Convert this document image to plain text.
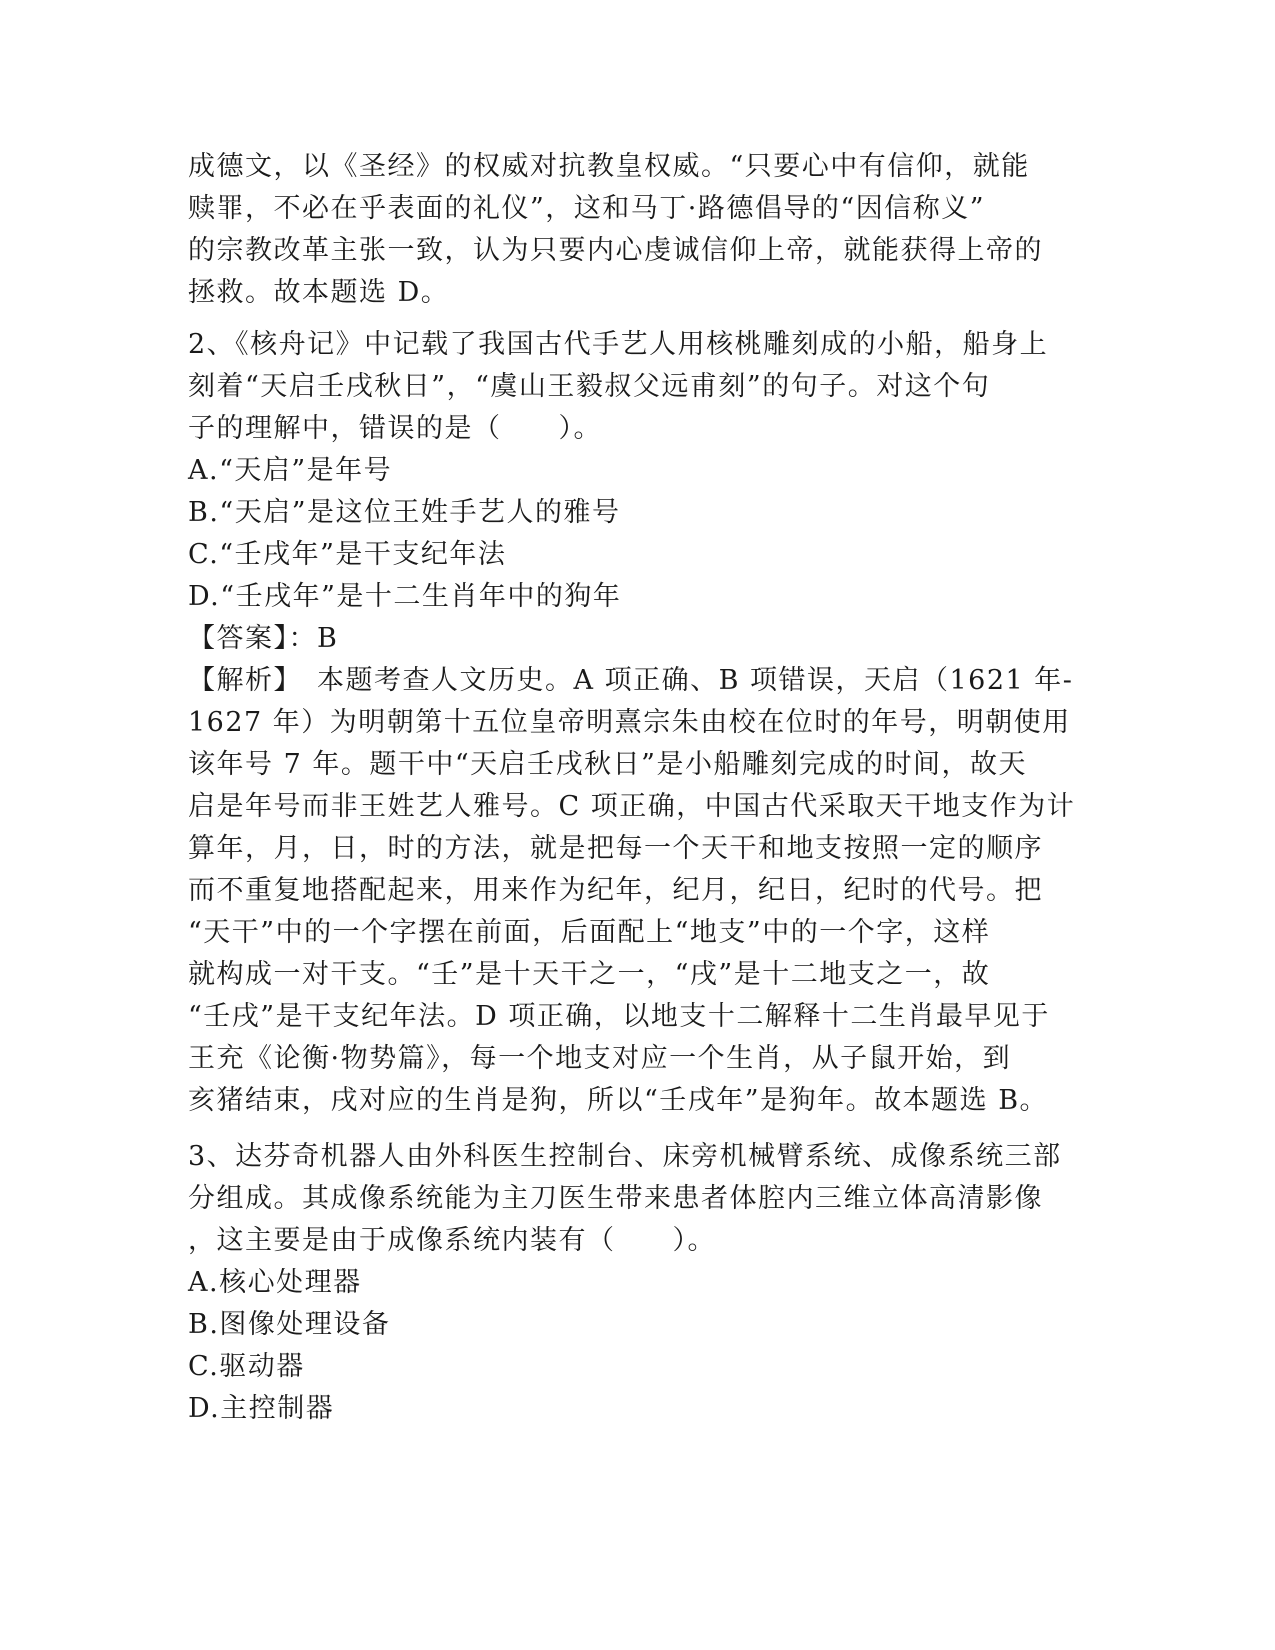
成德文，以《圣经》的权威对抗教皇权威。“只要心中有信仰，就能
赎罪，不必在乎表面的礼仪”，这和马丁·路德倡导的“因信称义”
的宗教改革主张一致，认为只要内心虔诚信仰上帝，就能获得上帝的
拯救。故本题选 D。
2、《核舟记》中记载了我国古代手艺人用核桃雕刻成的小船，船身上
刻着“天启壬戌秋日”，“虞山王毅叔父远甫刻”的句子。对这个句
子的理解中，错误的是（　　）。
A.“天启”是年号
B.“天启”是这位王姓手艺人的雅号
C.“壬戌年”是干支纪年法
D.“壬戌年”是十二生肖年中的狗年
【答案】：B
【解析】　本题考查人文历史。A 项正确、B 项错误，天启（1621 年-
1627 年）为明朝第十五位皇帝明熹宗朱由校在位时的年号，明朝使用
该年号 7 年。题干中“天启壬戌秋日”是小船雕刻完成的时间，故天
启是年号而非王姓艺人雅号。C 项正确，中国古代采取天干地支作为计
算年，月，日，时的方法，就是把每一个天干和地支按照一定的顺序
而不重复地搭配起来，用来作为纪年，纪月，纪日，纪时的代号。把
“天干”中的一个字摆在前面，后面配上“地支”中的一个字，这样
就构成一对干支。“壬”是十天干之一，“戌”是十二地支之一，故
“壬戌”是干支纪年法。D 项正确，以地支十二解释十二生肖最早见于
王充《论衡·物势篇》，每一个地支对应一个生肖，从子鼠开始，到
亥猪结束，戌对应的生肖是狗，所以“壬戌年”是狗年。故本题选 B。
3、达芬奇机器人由外科医生控制台、床旁机械臂系统、成像系统三部
分组成。其成像系统能为主刀医生带来患者体腔内三维立体高清影像
，这主要是由于成像系统内装有（　　）。
A.核心处理器
B.图像处理设备
C.驱动器
D.主控制器
